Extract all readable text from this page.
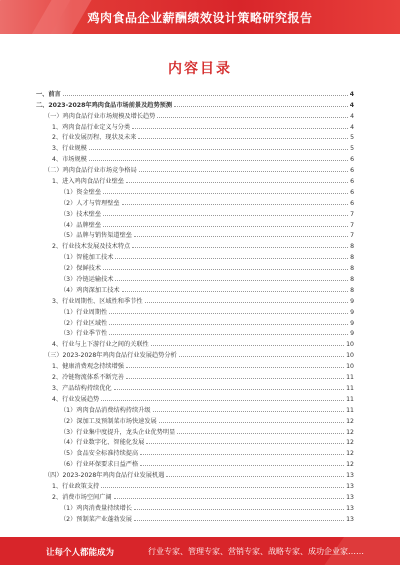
鸡肉食品企业薪酬绩效设计策略研究报告
内容目录
一、前言	4
二、2023-2028年鸡肉食品市场前景及趋势预测	4
（一）鸡肉食品行业市场规模及增长趋势	4
1、鸡肉食品行业定义与分类	4
2、行业发展历程、现状及未来	5
3、行业规模	5
4、市场规模	6
（二）鸡肉食品行业市场竞争格局	6
1、进入鸡肉食品行业壁垒	6
（1）资金壁垒	6
（2）人才与管理壁垒	6
（3）技术壁垒	7
（4）品牌壁垒	7
（5）品牌与销售渠道壁垒	7
2、行业技术发展及技术特点	8
（1）智能加工技术	8
（2）保鲜技术	8
（3）冷链运输技术	8
（4）鸡肉深加工技术	8
3、行业周期性、区域性和季节性	9
（1）行业周期性	9
（2）行业区域性	9
（3）行业季节性	9
4、行业与上下游行业之间的关联性	10
（三）2023-2028年鸡肉食品行业发展趋势分析	10
1、健康消费观念持续增强	10
2、冷链物流体系不断完善	11
3、产品结构持续优化	11
4、行业发展趋势	11
（1）鸡肉食品消费结构持续升级	11
（2）深加工及预制菜市场快速发展	12
（3）行业集中度提升，龙头企业优势明显	12
（4）行业数字化、智能化发展	12
（5）食品安全标准持续提高	12
（6）行业环保要求日益严格	12
（四）2023-2028年鸡肉食品行业发展机遇	13
1、行业政策支持	13
2、消费市场空间广阔	13
（1）鸡肉消费量持续增长	13
（2）预制菜产业蓬勃发展	13
让每个人都能成为	行业专家、管理专家、营销专家、战略专家、成功企业家……
